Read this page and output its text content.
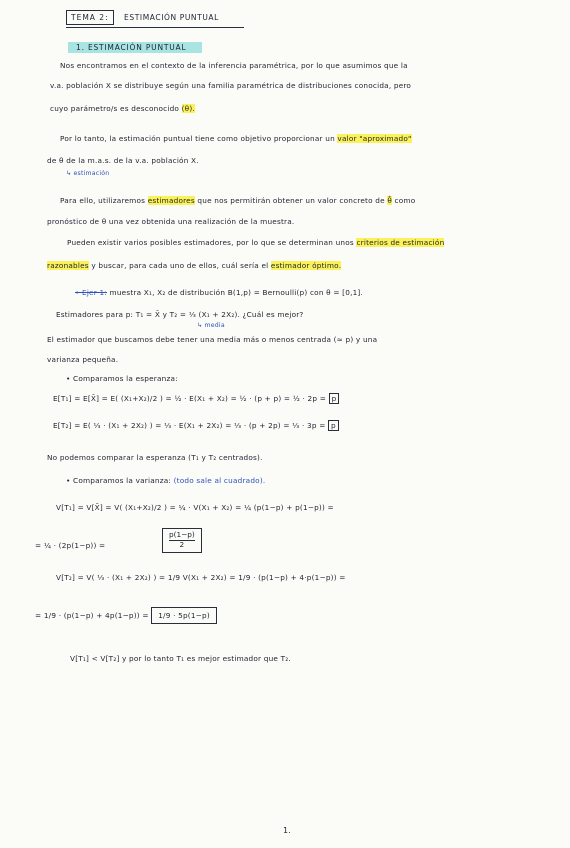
TEMA 2:	ESTIMACIÓN PUNTUAL
1. ESTIMACIÓN PUNTUAL
Nos encontramos en el contexto de la inferencia paramétrica, por lo que asumimos que la
v.a. población X se distribuye según una familia paramétrica de distribuciones conocida, pero
cuyo parámetro/s es desconocido (θ).
Por lo tanto, la estimación puntual tiene como objetivo proporcionar un valor "aproximado"
de θ de la m.a.s. de la v.a. población X.
↳ estimación
Para ello, utilizaremos estimadores que nos permitirán obtener un valor concreto de θ̂ como
pronóstico de θ una vez obtenida una realización de la muestra.
Pueden existir varios posibles estimadores, por lo que se determinan unos criterios de estimación
razonables y buscar, para cada uno de ellos, cuál sería el estimador óptimo.
• Ejer 1: muestra X₁, X₂ de distribución B(1,p) = Bernoulli(p) con θ = [0,1].
Estimadores para p: T₁ = X̄ y T₂ = ⅓ (X₁ + 2X₂). ¿Cuál es mejor?
↳ media
El estimador que buscamos debe tener una media más o menos centrada (≈ p) y una
varianza pequeña.
• Comparamos la esperanza:
E[T₁] = E[X̄] = E( (X₁+X₂)/2 ) = ½ · E(X₁ + X₂) = ½ · (p + p) = ½ · 2p = p
E[T₂] = E( ⅓ · (X₁ + 2X₂) ) = ⅓ · E(X₁ + 2X₂) = ⅓ · (p + 2p) = ⅓ · 3p = p
No podemos comparar la esperanza (T₁ y T₂ centrados).
• Comparamos la varianza: (todo sale al cuadrado).
V[T₁] = V[X̄] = V( (X₁+X₂)/2 ) = ¼ · V(X₁ + X₂) = ¼ (p(1−p) + p(1−p)) =
= ¼ · (2p(1−p)) =	$\frac{p(1-p)}{2}$
V[T₂] = V( ⅓ · (X₁ + 2X₂) ) = 1/9 V(X₁ + 2X₂) = 1/9 · (p(1−p) + 4·p(1−p)) =
= 1/9 · (p(1−p) + 4p(1−p)) = 1/9 · 5p(1−p)
V[T₁] < V[T₂] y por lo tanto T₁ es mejor estimador que T₂.
1.
